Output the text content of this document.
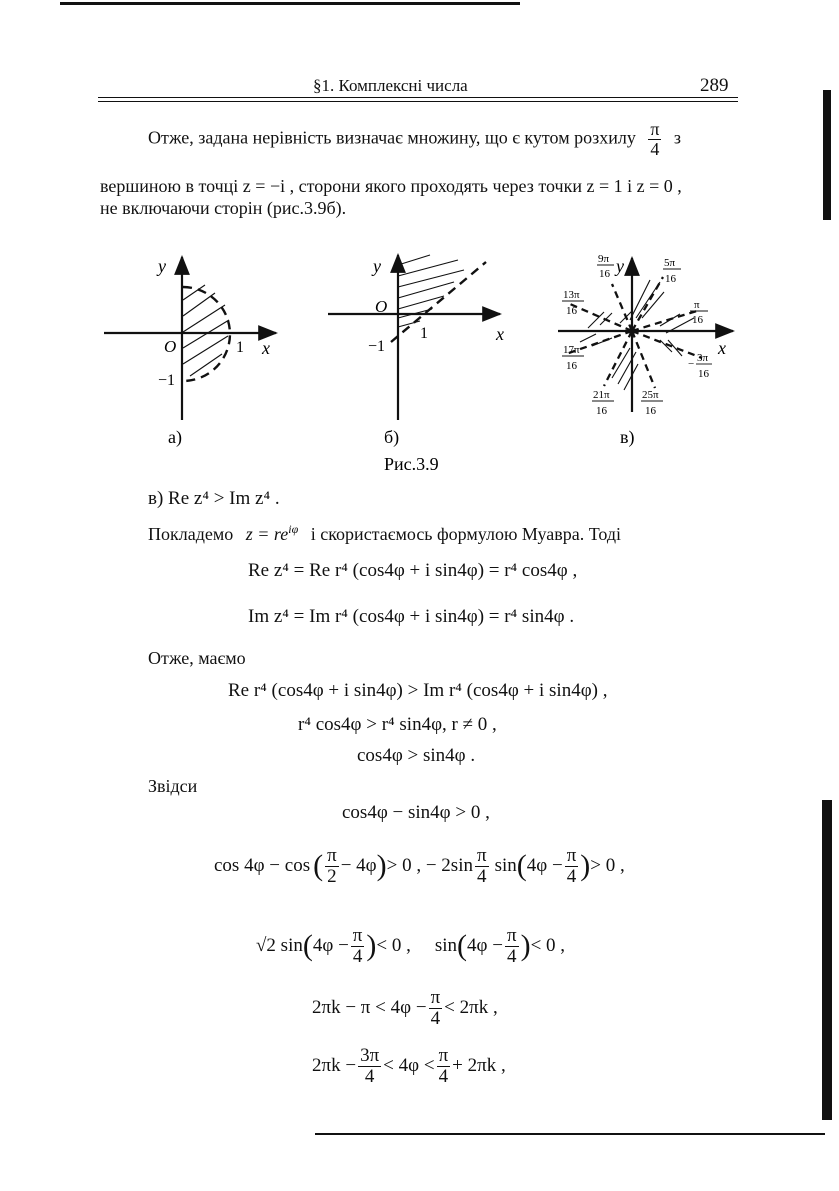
§1. Комплексні числа	289
Отже, задана нерівність визначає множину, що є кутом розхилу $\frac{\pi}{4}$ з
вершиною в точці z = −i , сторони якого проходять через точки z = 1 і z = 0 ,
не включаючи сторін (рис.3.9б).
y
x
O	1
−1
а)
y
x
O
1
−1
б)
y
x
9π
16
5π
16
13π
16	π
16
17π
16	− 3π
16
21π
16
25π
16
в)
Рис.3.9
в) Re z⁴ > Im z⁴ .
Покладемо $z = re^{i\varphi}$ і скористаємось формулою Муавра. Тоді
Re z⁴ = Re r⁴ (cos4φ + i sin4φ) = r⁴ cos4φ ,
Im z⁴ = Im r⁴ (cos4φ + i sin4φ) = r⁴ sin4φ .
Отже, маємо
Re r⁴ (cos4φ + i sin4φ) > Im r⁴ (cos4φ + i sin4φ) ,
r⁴ cos4φ > r⁴ sin4φ, r ≠ 0 ,
cos4φ > sin4φ .
Звідси
cos4φ − sin4φ > 0 ,
cos 4φ − cos ( $\frac{\pi}{2} - 4\varphi$ ) > 0 , − $2\sin \frac{\pi}{4}$ sin ( $4\varphi - \frac{\pi}{4}$ ) > 0 ,
√2 sin ( $4\varphi - \frac{\pi}{4}$ ) < 0 , sin ( $4\varphi - \frac{\pi}{4}$ ) < 0 ,
$2\pi k - \pi < 4\varphi - \frac{\pi}{4} < 2\pi k$ ,
$2\pi k - \frac{3\pi}{4} < 4\varphi < \frac{\pi}{4} + 2\pi k$ ,
